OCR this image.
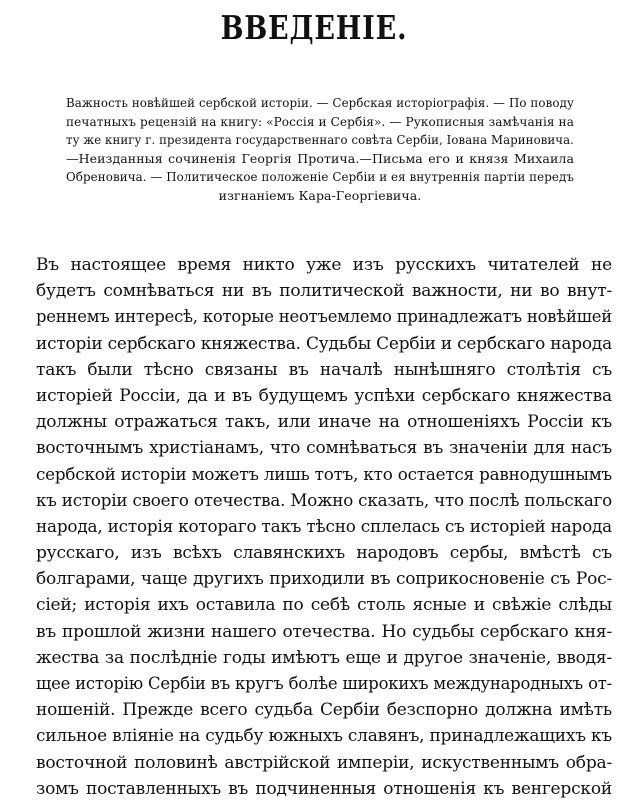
ВВЕДЕНІЕ.
Важность новѣйшей сербской исторіи. — Сербская исторіографія. — По поводу
печатныхъ рецензій на книгу: «Россія и Сербія». — Рукописныя замѣчанія на
ту же книгу г. президента государственнаго совѣта Сербіи, Іована Мариновича.
—Неизданныя сочиненія Георгія Протича.—Письма его и князя Михаила
Обреновича. — Политическое положеніе Сербіи и ея внутреннія партіи передъ
изгнаніемъ Кара-Георгіевича.
Въ настоящее время никто уже изъ русскихъ читателей не
будетъ сомнѣваться ни въ политической важности, ни во внут-
реннемъ интересѣ, которые неотъемлемо принадлежатъ новѣйшей
исторіи сербскаго княжества. Судьбы Сербіи и сербскаго народа
такъ были тѣсно связаны въ началѣ нынѣшняго столѣтія съ
исторіей Россіи, да и въ будущемъ успѣхи сербскаго княжества
должны отражаться такъ, или иначе на отношеніяхъ Россіи къ
восточнымъ христіанамъ, что сомнѣваться въ значеніи для насъ
сербской исторіи можетъ лишь тотъ, кто остается равнодушнымъ
къ исторіи своего отечества. Можно сказать, что послѣ польскаго
народа, исторія котораго такъ тѣсно сплелась съ исторіей народа
русскаго, изъ всѣхъ славянскихъ народовъ сербы, вмѣстѣ съ
болгарами, чаще другихъ приходили въ соприкосновеніе съ Рос-
сіей; исторія ихъ оставила по себѣ столь ясные и свѣжіе слѣды
въ прошлой жизни нашего отечества. Но судьбы сербскаго кня-
жества за послѣдніе годы имѣютъ еще и другое значеніе, вводя-
щее исторію Сербіи въ кругъ болѣе широкихъ международныхъ от-
ношеній. Прежде всего судьба Сербіи безспорно должна имѣть
сильное вліяніе на судьбу южныхъ славянъ, принадлежащихъ къ
восточной половинѣ австрійской имперіи, искуственнымъ обра-
зомъ поставленныхъ въ подчиненныя отношенія къ венгерской
